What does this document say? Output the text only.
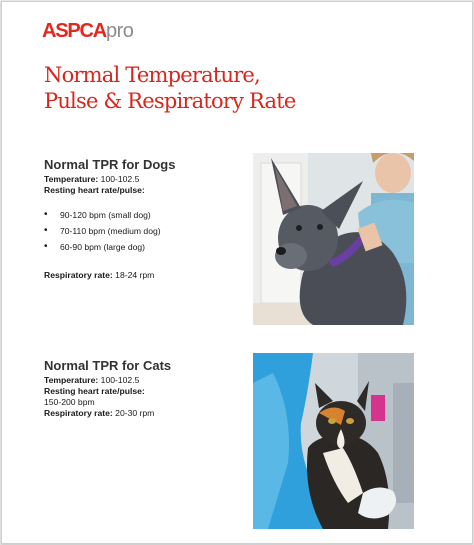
ASPCApro
Normal Temperature,
Pulse & Respiratory Rate
Normal TPR for Dogs
Temperature: 100-102.5
Resting heart rate/pulse:
• 90-120 bpm (small dog)
• 70-110 bpm (medium dog)
• 60-90 bpm (large dog)
Respiratory rate: 18-24 rpm
Normal TPR for Cats
Temperature: 100-102.5
Resting heart rate/pulse:
150-200 bpm
Respiratory rate: 20-30 rpm
